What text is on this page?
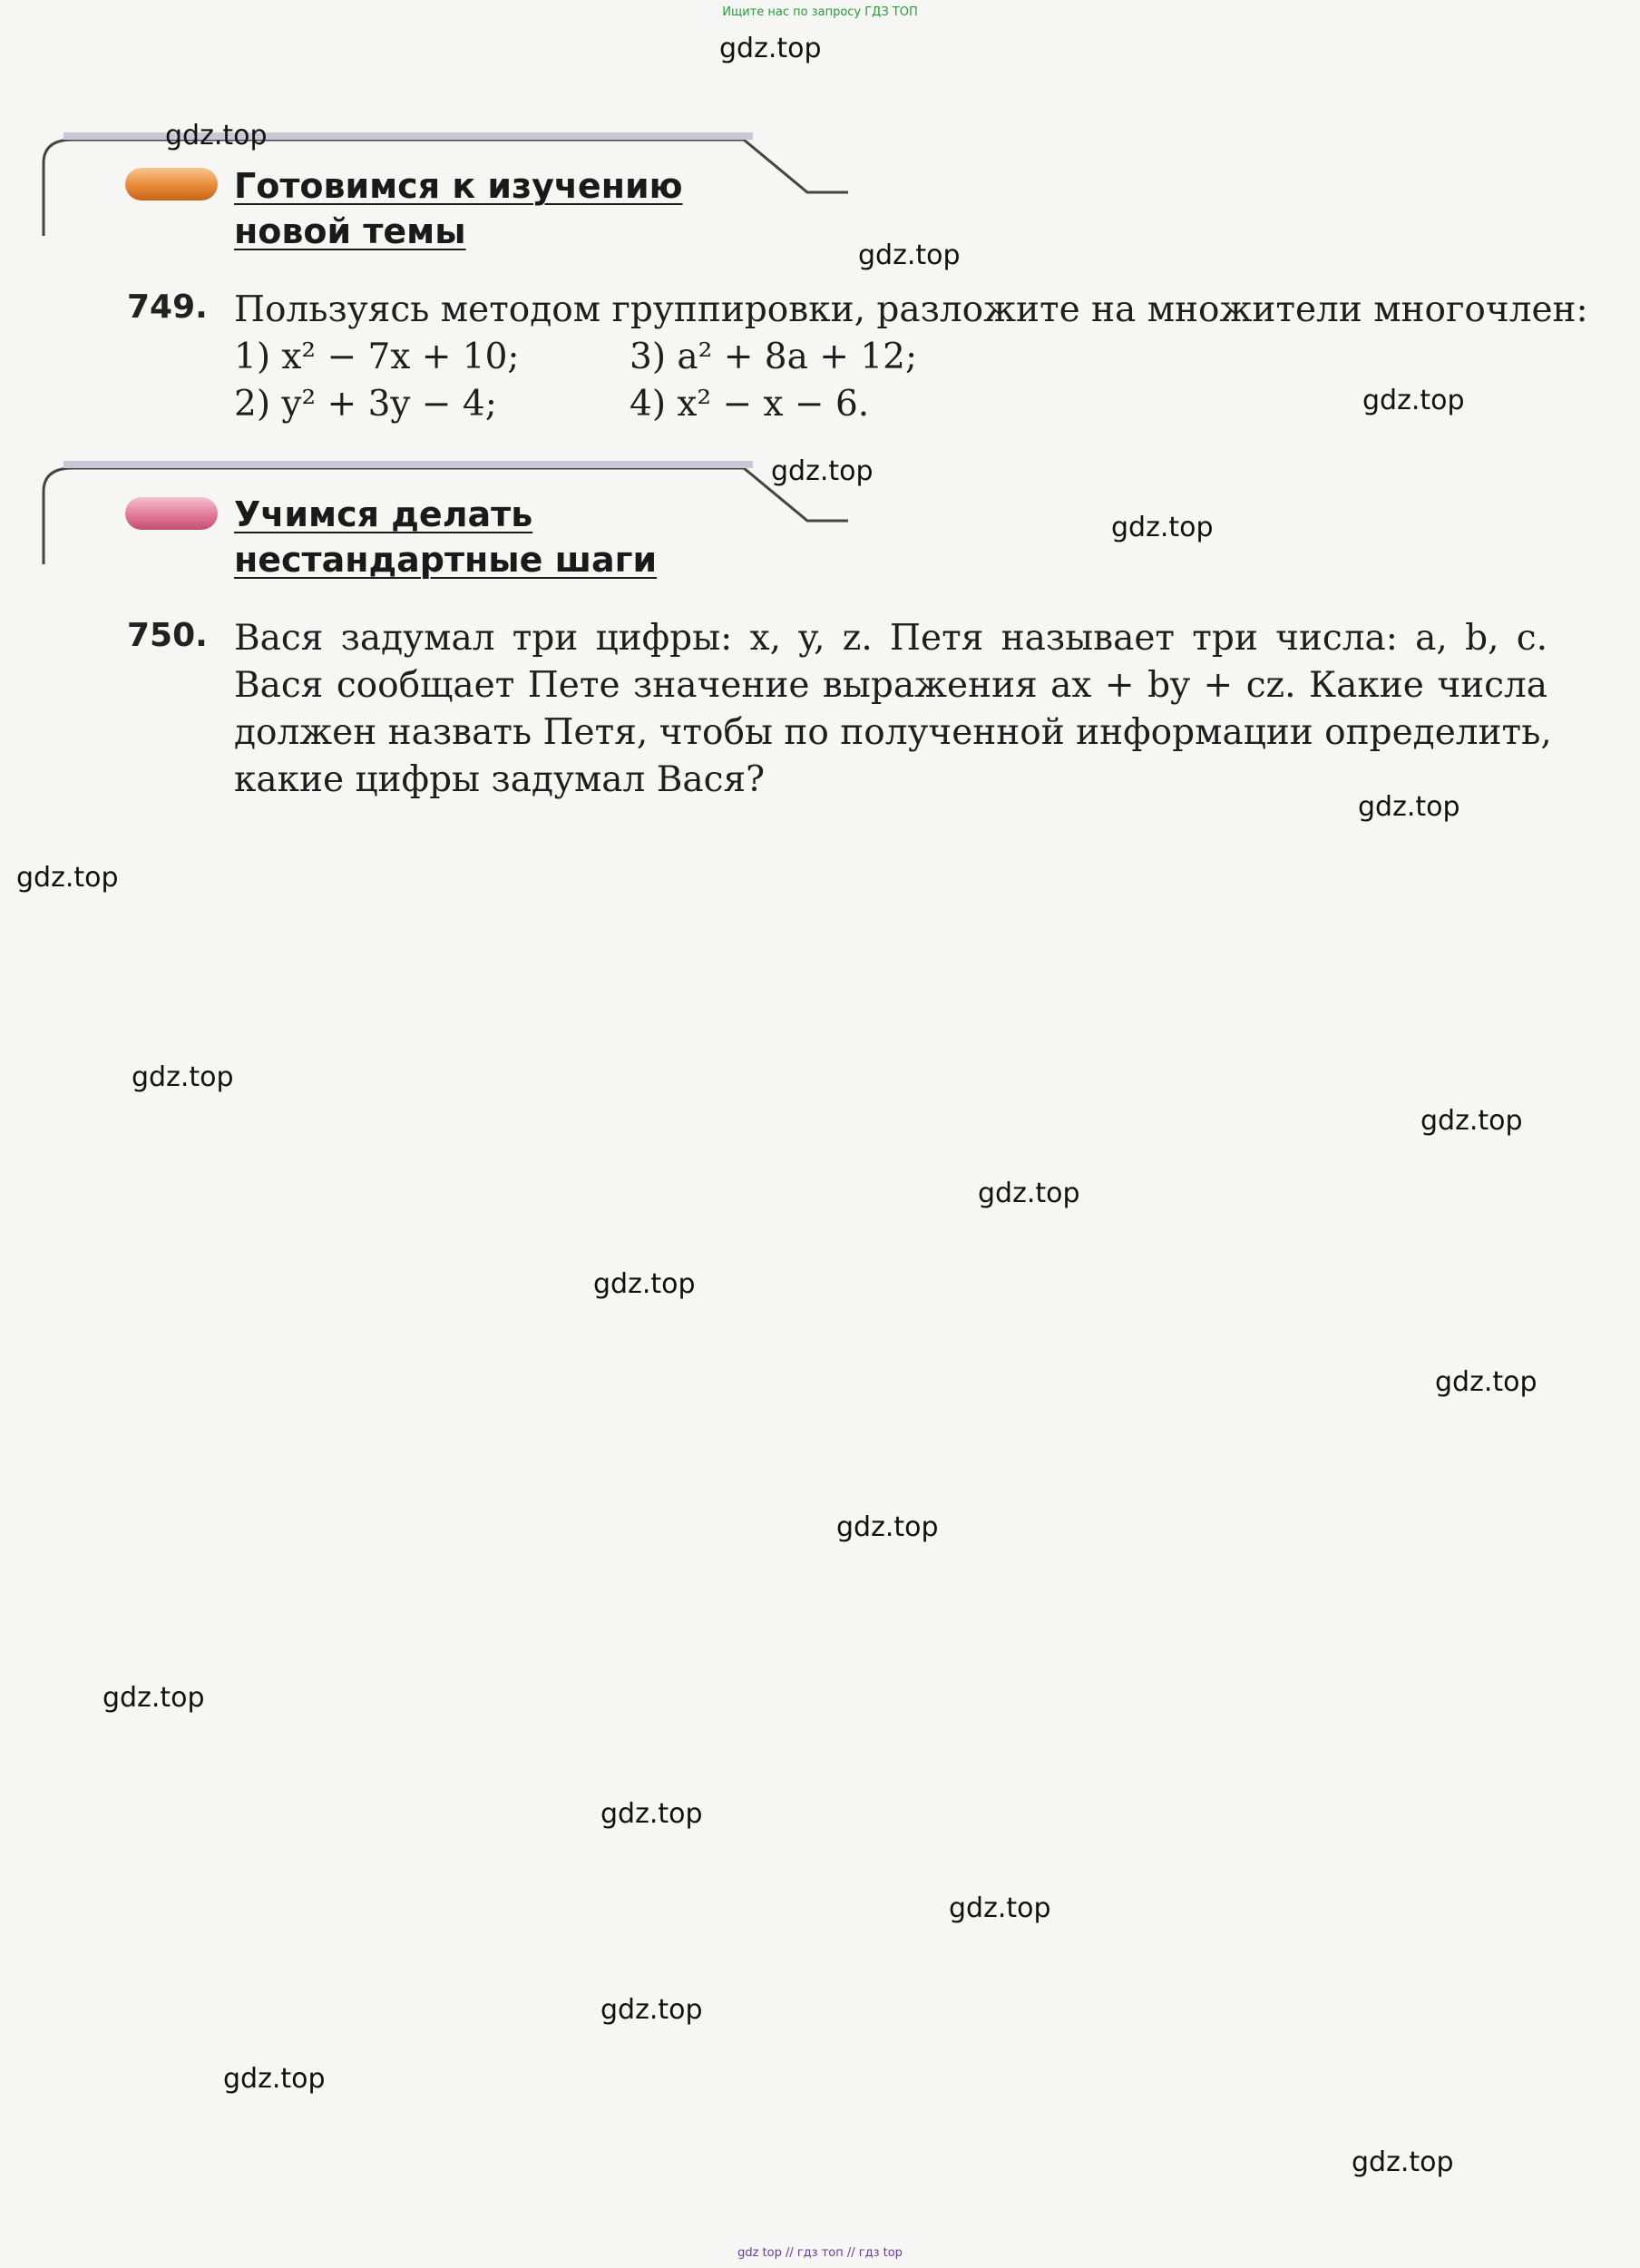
Ищите нас по запросу ГДЗ ТОП
Готовимся к изучению
новой темы
749. Пользуясь методом группировки, разложите на множители многочлен:
1) x² − 7x + 10;
2) y² + 3y − 4;
3) a² + 8a + 12;
4) x² − x − 6.
Учимся делать
нестандартные шаги
750. Вася задумал три цифры: x, y, z. Петя называет три числа: a, b, c.
Вася сообщает Пете значение выражения ax + by + cz. Какие числа
должен назвать Петя, чтобы по полученной информации определить,
какие цифры задумал Вася?
gdz.top
gdz.top
gdz.top
gdz.top
gdz.top
gdz.top
gdz.top
gdz.top
gdz.top
gdz.top
gdz.top
gdz.top
gdz.top
gdz.top
gdz.top
gdz.top
gdz.top
gdz.top
gdz.top
gdz.top
gdz top // гдз топ // гдз top
